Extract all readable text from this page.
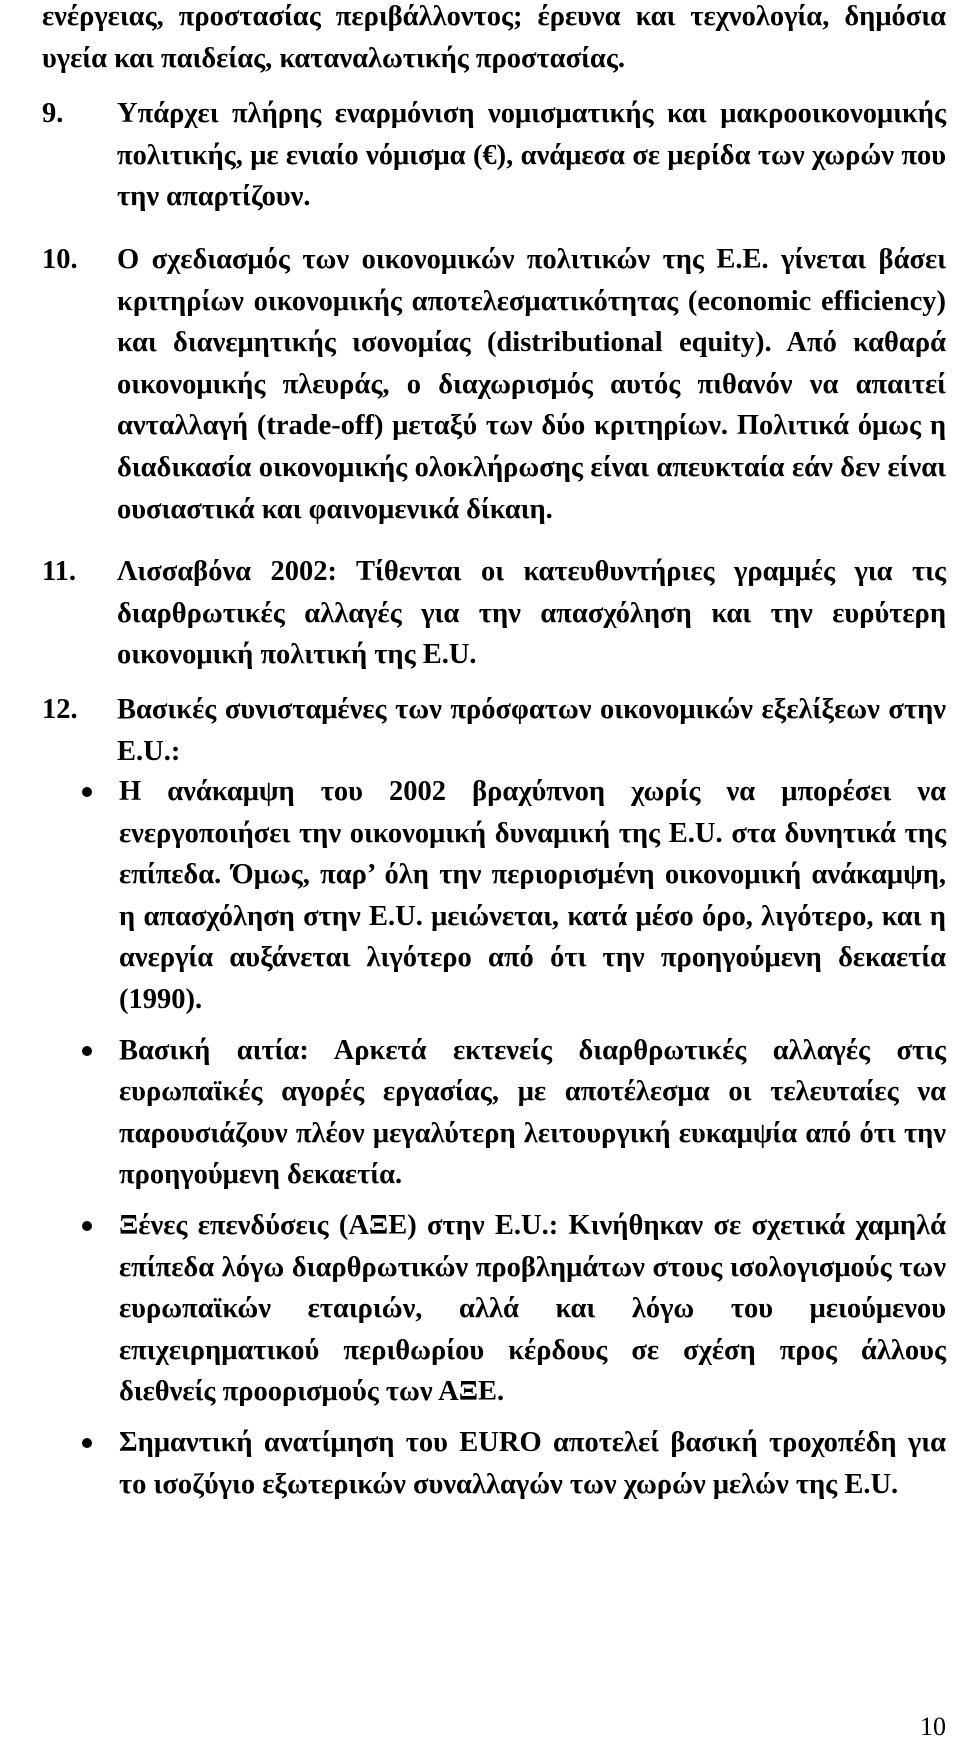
ενέργειας, προστασίας περιβάλλοντος; έρευνα και τεχνολογία, δημόσια υγεία και παιδείας, καταναλωτικής προστασίας.
9.	Υπάρχει πλήρης εναρμόνιση νομισματικής και μακροοικονομικής πολιτικής, με ενιαίο νόμισμα (€), ανάμεσα σε μερίδα των χωρών που την απαρτίζουν.
10.	Ο σχεδιασμός των οικονομικών πολιτικών της Ε.Ε. γίνεται βάσει κριτηρίων οικονομικής αποτελεσματικότητας (economic efficiency) και διανεμητικής ισονομίας (distributional equity). Από καθαρά οικονομικής πλευράς, ο διαχωρισμός αυτός πιθανόν να απαιτεί ανταλλαγή (trade-off) μεταξύ των δύο κριτηρίων. Πολιτικά όμως η διαδικασία οικονομικής ολοκλήρωσης είναι απευκταία εάν δεν είναι ουσιαστικά και φαινομενικά δίκαιη.
11.	Λισσαβόνα 2002: Τίθενται οι κατευθυντήριες γραμμές για τις διαρθρωτικές αλλαγές για την απασχόληση και την ευρύτερη οικονομική πολιτική της E.U.
12.	Βασικές συνισταμένες των πρόσφατων οικονομικών εξελίξεων στην E.U.:
Η ανάκαμψη του 2002 βραχύπνοη χωρίς να μπορέσει να ενεργοποιήσει την οικονομική δυναμική της E.U. στα δυνητικά της επίπεδα. Όμως, παρ’ όλη την περιορισμένη οικονομική ανάκαμψη, η απασχόληση στην E.U. μειώνεται, κατά μέσο όρο, λιγότερο, και η ανεργία αυξάνεται λιγότερο από ότι την προηγούμενη δεκαετία (1990).
Βασική αιτία: Αρκετά εκτενείς διαρθρωτικές αλλαγές στις ευρωπαϊκές αγορές εργασίας, με αποτέλεσμα οι τελευταίες να παρουσιάζουν πλέον μεγαλύτερη λειτουργική ευκαμψία από ότι την προηγούμενη δεκαετία.
Ξένες επενδύσεις (ΑΞΕ) στην E.U.: Κινήθηκαν σε σχετικά χαμηλά επίπεδα λόγω διαρθρωτικών προβλημάτων στους ισολογισμούς των ευρωπαϊκών εταιριών, αλλά και λόγω του μειούμενου επιχειρηματικού περιθωρίου κέρδους σε σχέση προς άλλους διεθνείς προορισμούς των ΑΞΕ.
Σημαντική ανατίμηση του EURO αποτελεί βασική τροχοπέδη για το ισοζύγιο εξωτερικών συναλλαγών των χωρών μελών της E.U.
10
